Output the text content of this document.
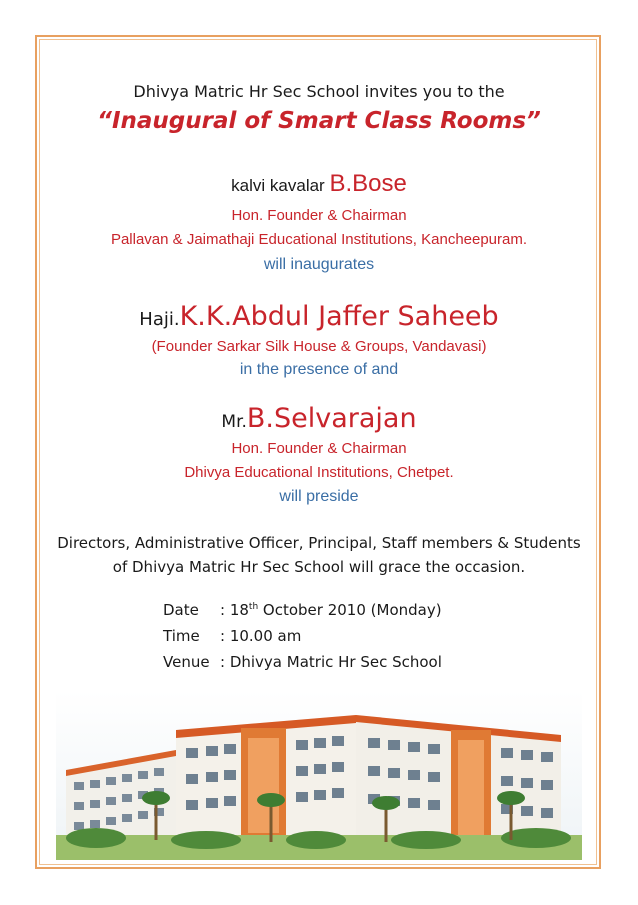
Dhivya Matric Hr Sec School invites you to the
“Inaugural of Smart Class Rooms”
kalvi kavalar B.Bose
Hon. Founder & Chairman
Pallavan & Jaimathaji Educational Institutions, Kancheepuram.
will inaugurates
Haji.K.K.Abdul Jaffer Saheeb
(Founder Sarkar Silk House & Groups, Vandavasi)
in the presence of and
Mr.B.Selvarajan
Hon. Founder & Chairman
Dhivya Educational Institutions, Chetpet.
will preside
Directors, Administrative Officer, Principal, Staff members & Students
of Dhivya Matric Hr Sec School will grace the occasion.
Date	: 18th October 2010 (Monday)
Time	: 10.00 am
Venue : Dhivya Matric Hr Sec School
